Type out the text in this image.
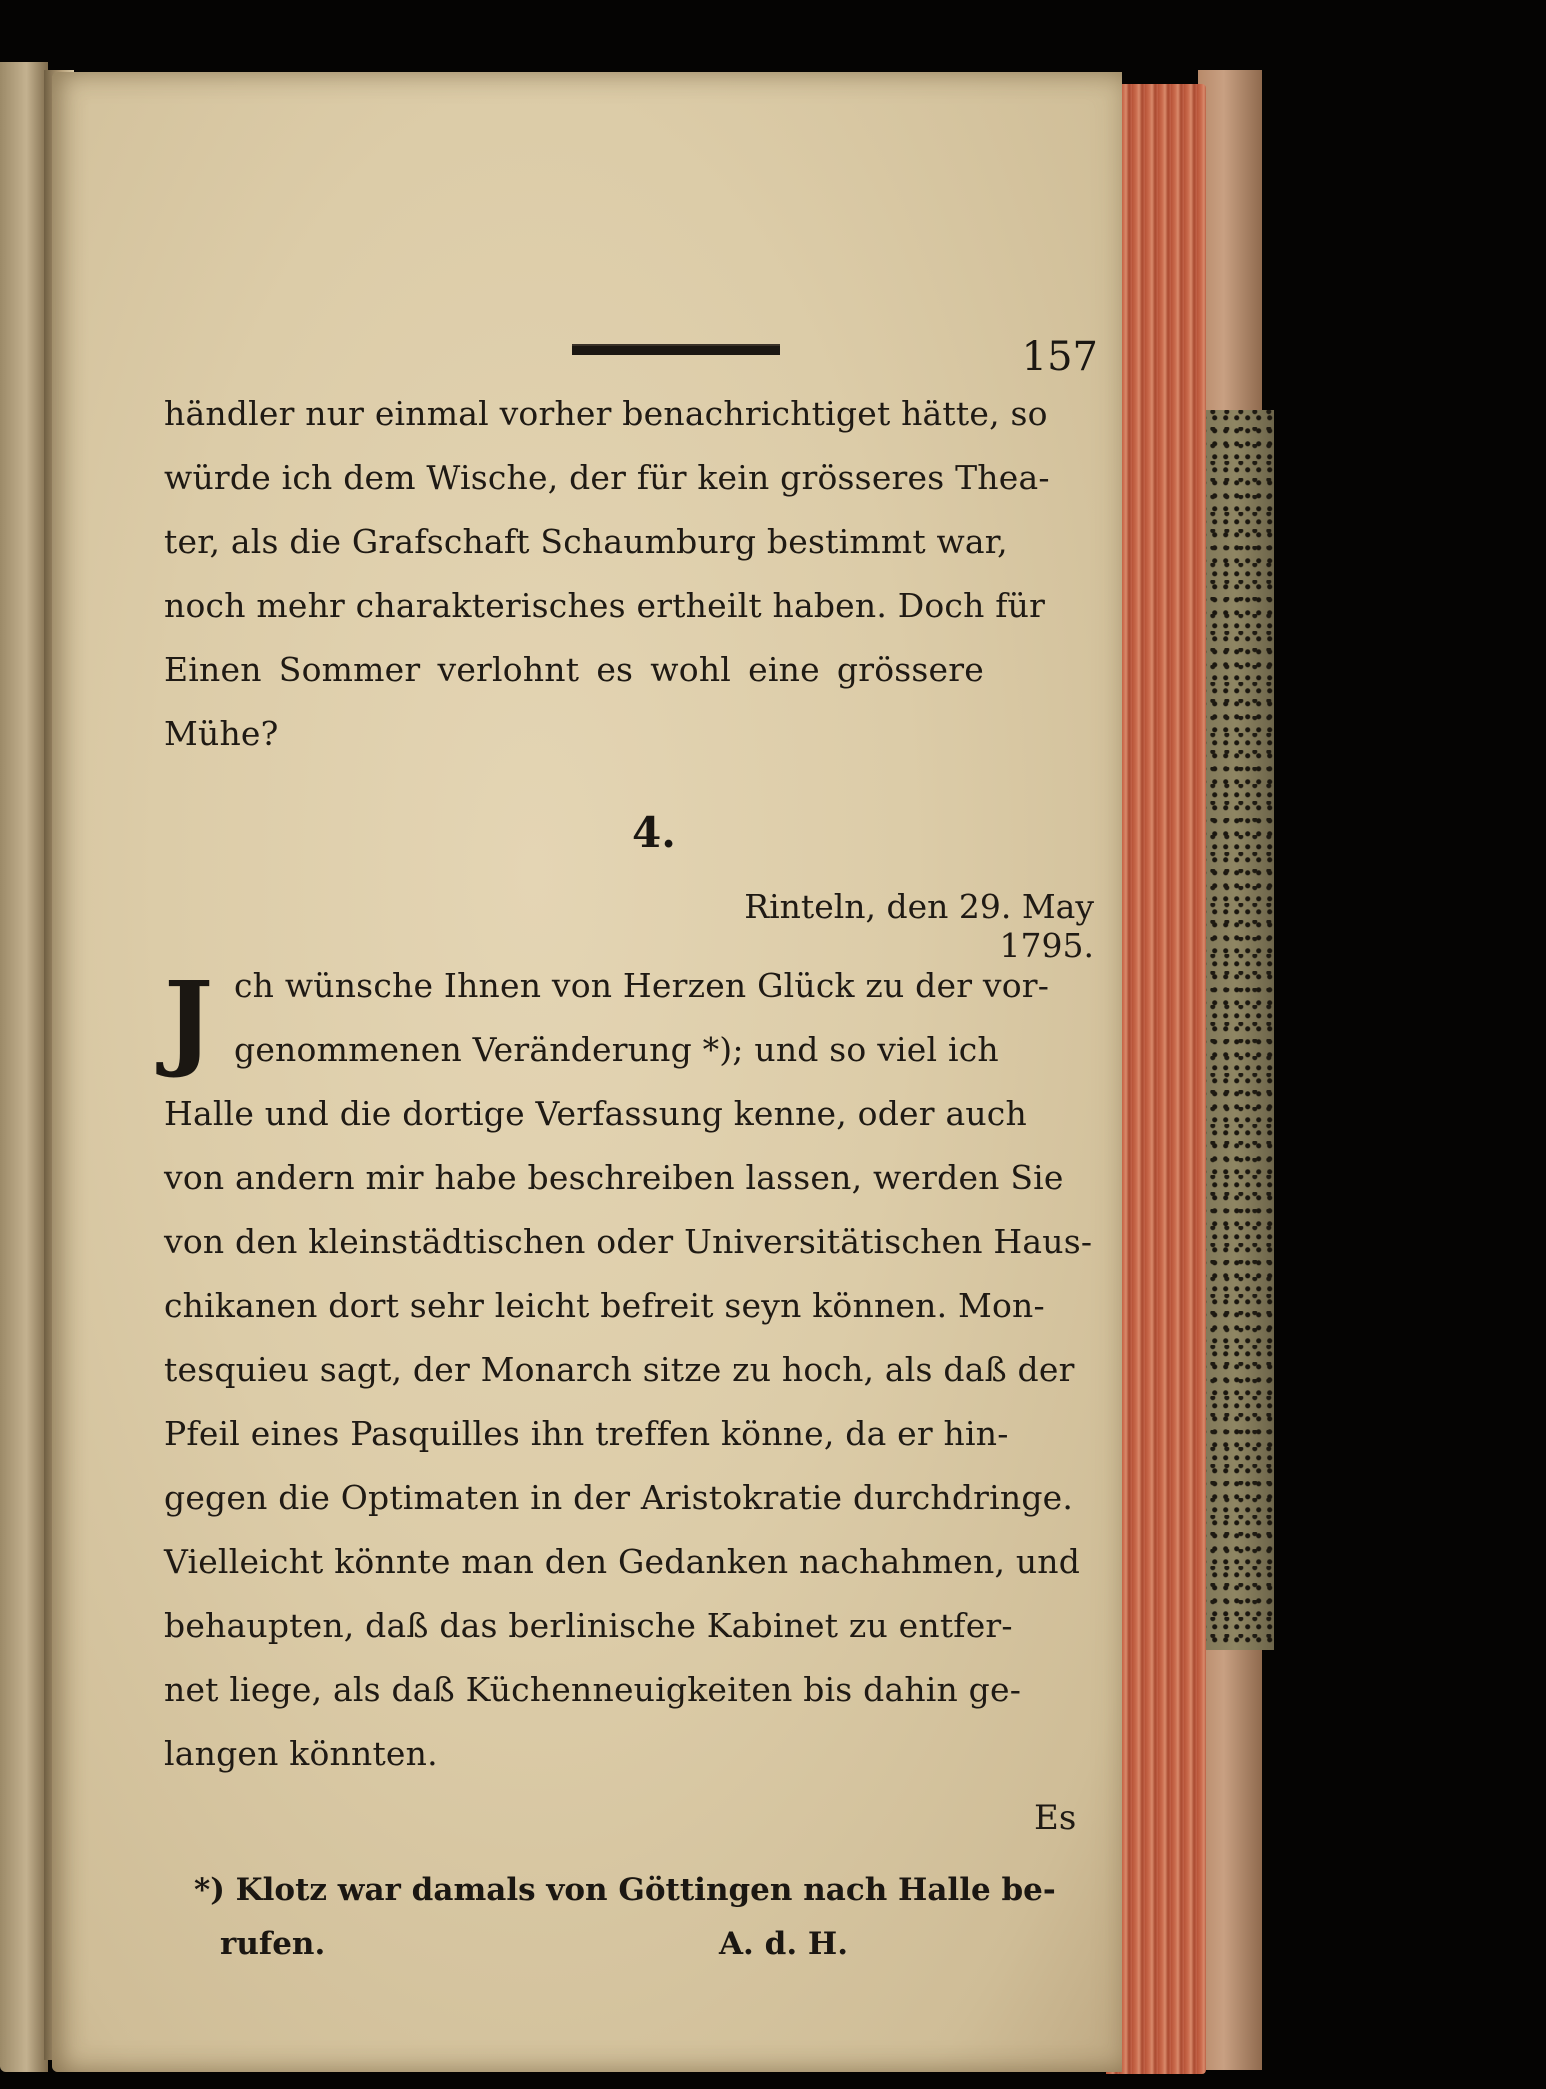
157
händler nur einmal vorher benachrichtiget hätte, so
würde ich dem Wische, der für kein grösseres Thea-
ter, als die Grafschaft Schaumburg bestimmt war,
noch mehr charakterisches ertheilt haben. Doch für
Einen Sommer verlohnt es wohl eine grössere
Mühe?
4.
Rinteln, den 29. May 1795.
J ch wünsche Ihnen von Herzen Glück zu der vor-
genommenen Veränderung *); und so viel ich
Halle und die dortige Verfassung kenne, oder auch
von andern mir habe beschreiben lassen, werden Sie
von den kleinstädtischen oder Universitätischen Haus-
chikanen dort sehr leicht befreit seyn können. Mon-
tesquieu sagt, der Monarch sitze zu hoch, als daß der
Pfeil eines Pasquilles ihn treffen könne, da er hin-
gegen die Optimaten in der Aristokratie durchdringe.
Vielleicht könnte man den Gedanken nachahmen, und
behaupten, daß das berlinische Kabinet zu entfer-
net liege, als daß Küchenneuigkeiten bis dahin ge-
langen könnten.
Es
*) Klotz war damals von Göttingen nach Halle be-
rufen.	A. d. H.
